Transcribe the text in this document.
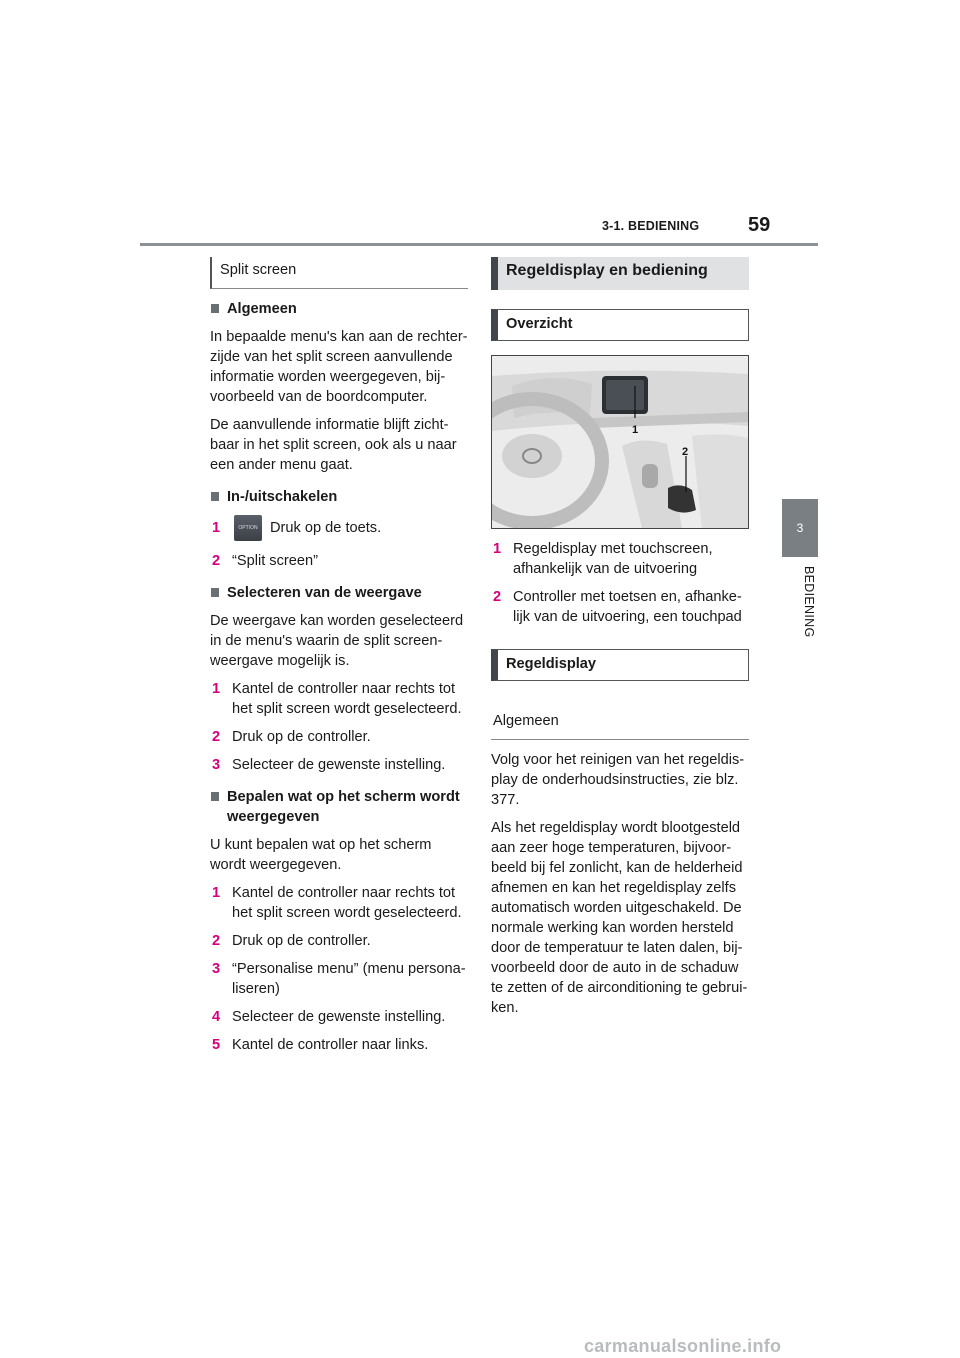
3-1. BEDIENING 59
3
BEDIENING
Split screen
Algemeen

In bepaalde menu's kan aan de rechter-zijde van het split screen aanvullende informatie worden weergegeven, bij-voorbeeld van de boordcomputer.

De aanvullende informatie blijft zicht-baar in het split screen, ook als u naar een ander menu gaat.

In-/uitschakelen
1	OPTION Druk op de toets.
2 “Split screen”
Selecteren van de weergave

De weergave kan worden geselecteerd in de menu's waarin de split screen-weergave mogelijk is.

1 Kantel de controller naar rechts tot het split screen wordt geselecteerd.
2 Druk op de controller.
3 Selecteer de gewenste instelling.
Bepalen wat op het scherm wordt weergegeven

U kunt bepalen wat op het scherm wordt weergegeven.

1 Kantel de controller naar rechts tot het split screen wordt geselecteerd.
2 Druk op de controller.
3 “Personalise menu” (menu persona-liseren)
4 Selecteer de gewenste instelling.
5 Kantel de controller naar links.
Regeldisplay en bediening
Overzicht
1
2
1 Regeldisplay met touchscreen, afhankelijk van de uitvoering
2 Controller met toetsen en, afhanke-lijk van de uitvoering, een touchpad
Regeldisplay
Algemeen

Volg voor het reinigen van het regeldis-play de onderhoudsinstructies, zie blz. 377.

Als het regeldisplay wordt blootgesteld aan zeer hoge temperaturen, bijvoor-beeld bij fel zonlicht, kan de helderheid afnemen en kan het regeldisplay zelfs automatisch worden uitgeschakeld. De normale werking kan worden hersteld door de temperatuur te laten dalen, bij-voorbeeld door de auto in de schaduw te zetten of de airconditioning te gebrui-ken.

carmanualsonline.info
